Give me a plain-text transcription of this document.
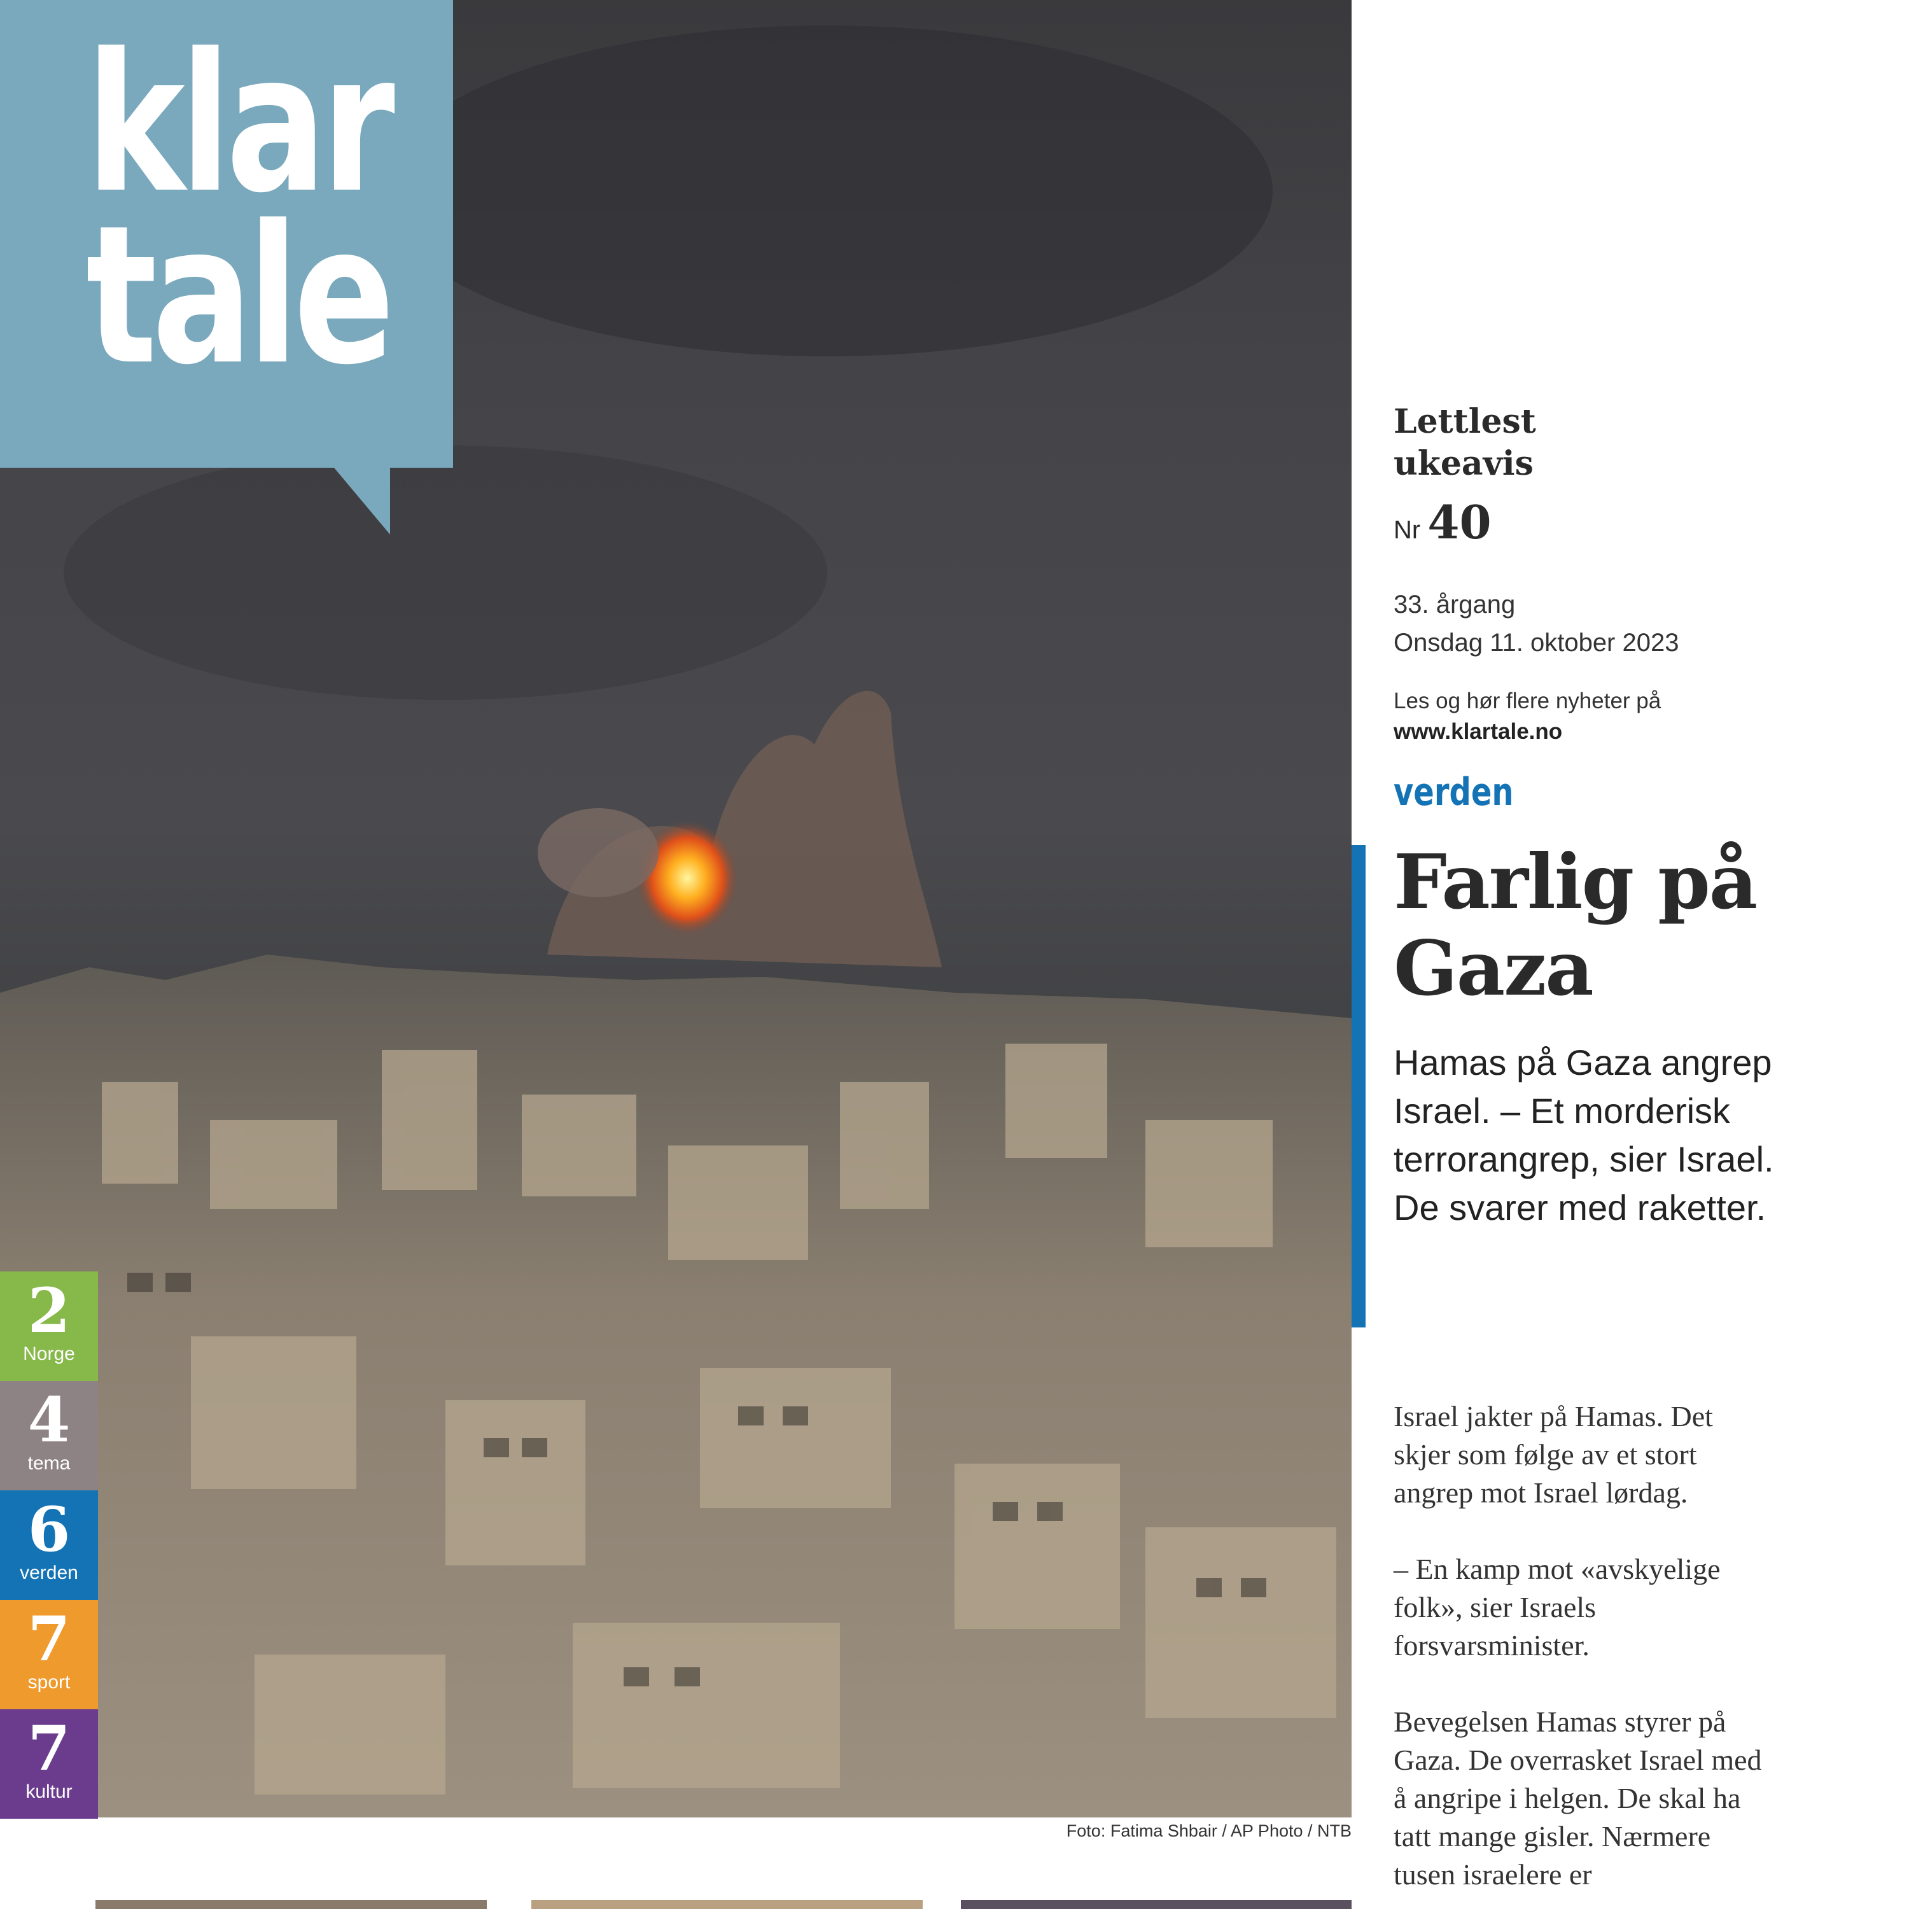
klar
tale
2
Norge
4
tema
6
verden
7
sport
7
kultur
Foto: Fatima Shbair / AP Photo / NTB
Lettlest
ukeavis
Nr 40
33. årgang
Onsdag 11. oktober 2023
Les og hør flere nyheter på
www.klartale.no
verden
Farlig på
Gaza
Hamas på Gaza angrep Israel. – Et morderisk terrorangrep, sier Israel. De svarer med raketter.

Israel jakter på Hamas. Det skjer som følge av et stort angrep mot Israel lørdag.

– En kamp mot «avskyelige folk», sier Israels forsvarsminister.

Bevegelsen Hamas styrer på Gaza. De overrasket Israel med å angripe i helgen. De skal ha tatt mange gisler. Nærmere tusen israelere er
